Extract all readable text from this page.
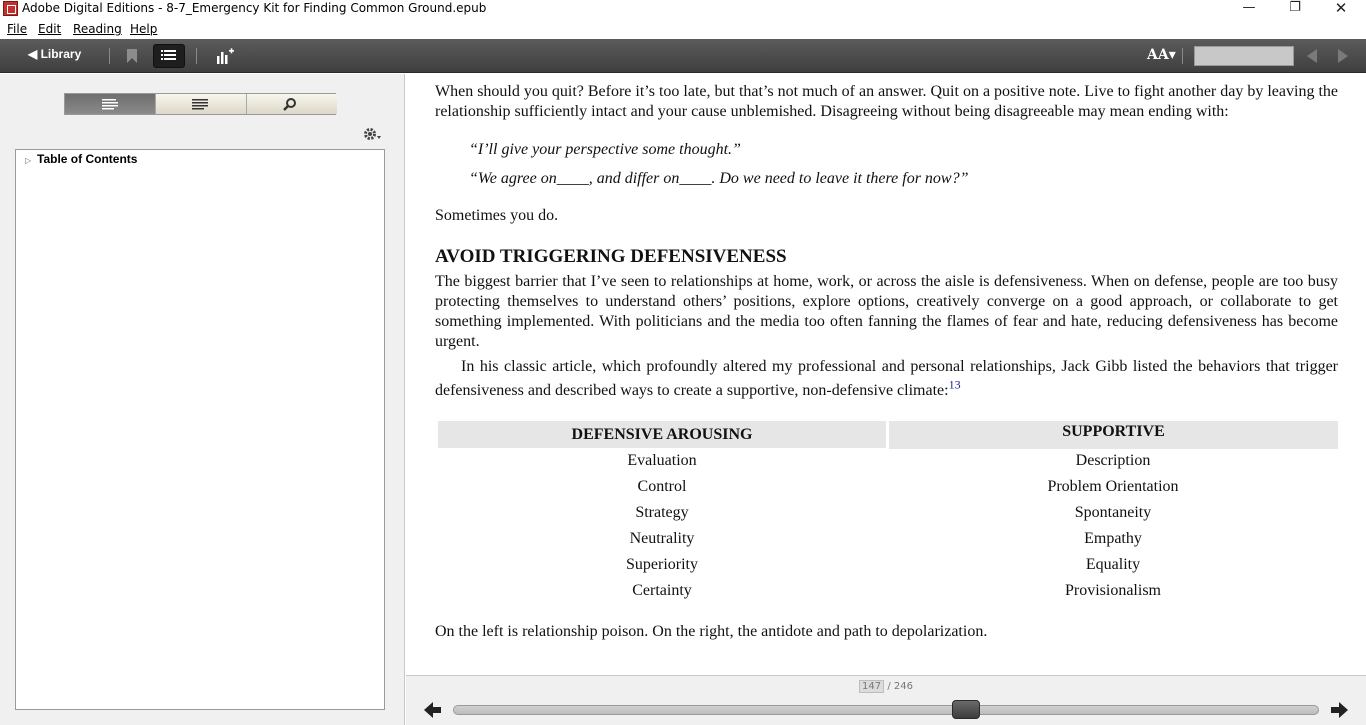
Adobe Digital Editions - 8-7_Emergency Kit for Finding Common Ground.epub	—	❐	✕
File Edit Reading Help
◀ Library	AA▾
▷ Table of Contents
When should you quit? Before it’s too late, but that’s not much of an answer. Quit on a positive note. Live to fight another day by leaving the relationship sufficiently intact and your cause unblemished. Disagreeing without being disagreeable may mean ending with:
“I’ll give your perspective some thought.”
“We agree on____, and differ on____. Do we need to leave it there for now?”
Sometimes you do.
AVOID TRIGGERING DEFENSIVENESS
The biggest barrier that I’ve seen to relationships at home, work, or across the aisle is defensiveness. When on defense, people are too busy protecting themselves to understand others’ positions, explore options, creatively converge on a good approach, or collaborate to get something implemented. With politicians and the media too often fanning the flames of fear and hate, reducing defensiveness has become urgent.
In his classic article, which profoundly altered my professional and personal relationships, Jack Gibb listed the behaviors that trigger defensiveness and described ways to create a supportive, non-defensive climate:$^{13}$
DEFENSIVE AROUSING	SUPPORTIVE
Evaluation	Description
Control	Problem Orientation
Strategy	Spontaneity
Neutrality	Empathy
Superiority	Equality
Certainty	Provisionalism
On the left is relationship poison. On the right, the antidote and path to depolarization.
147 / 246
